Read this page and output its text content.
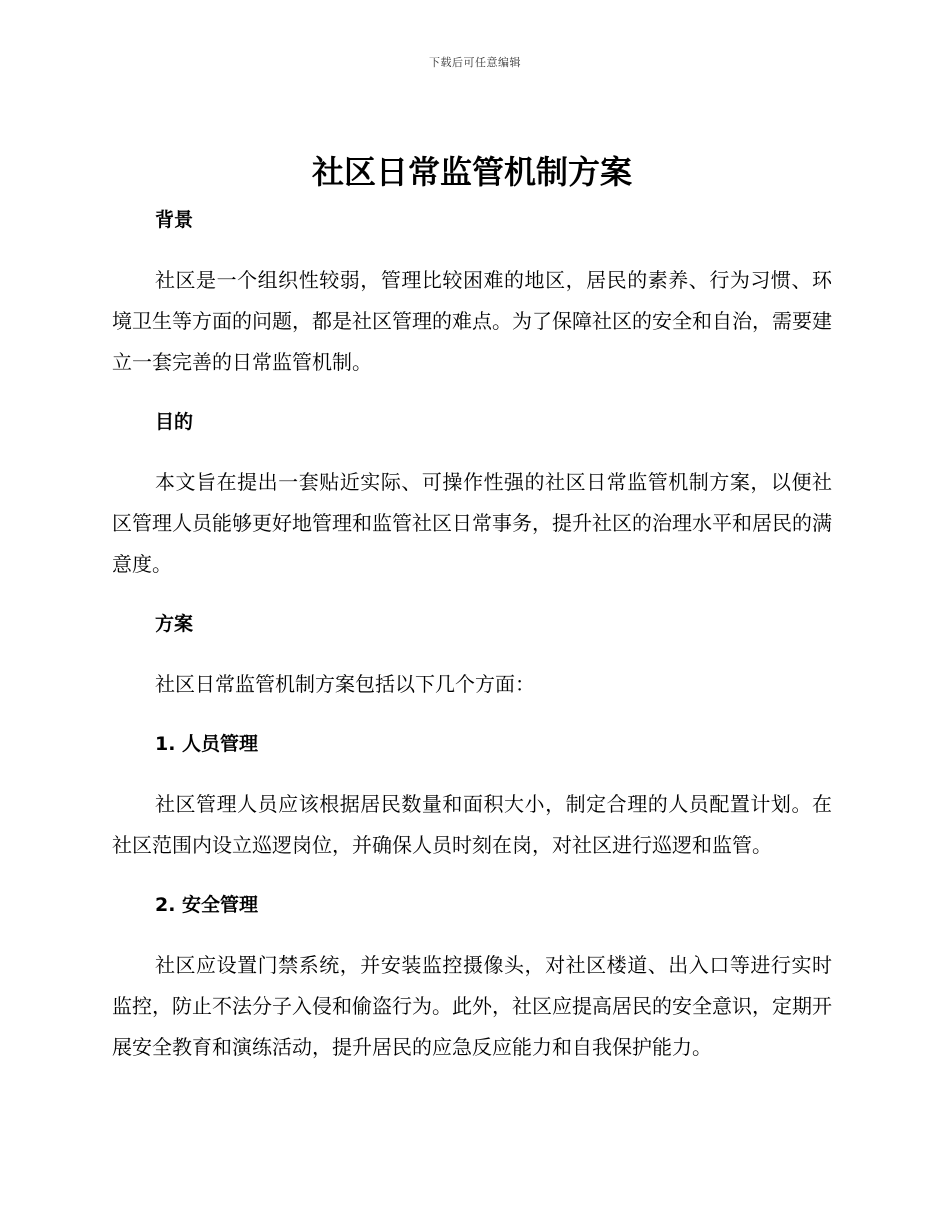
下载后可任意编辑
社区日常监管机制方案
背景

社区是一个组织性较弱，管理比较困难的地区，居民的素养、行为习惯、环境卫生等方面的问题，都是社区管理的难点。为了保障社区的安全和自治，需要建立一套完善的日常监管机制。

目的

本文旨在提出一套贴近实际、可操作性强的社区日常监管机制方案，以便社区管理人员能够更好地管理和监管社区日常事务，提升社区的治理水平和居民的满意度。

方案

社区日常监管机制方案包括以下几个方面：

1. 人员管理

社区管理人员应该根据居民数量和面积大小，制定合理的人员配置计划。在社区范围内设立巡逻岗位，并确保人员时刻在岗，对社区进行巡逻和监管。

2. 安全管理

社区应设置门禁系统，并安装监控摄像头，对社区楼道、出入口等进行实时监控，防止不法分子入侵和偷盗行为。此外，社区应提高居民的安全意识，定期开展安全教育和演练活动，提升居民的应急反应能力和自我保护能力。
